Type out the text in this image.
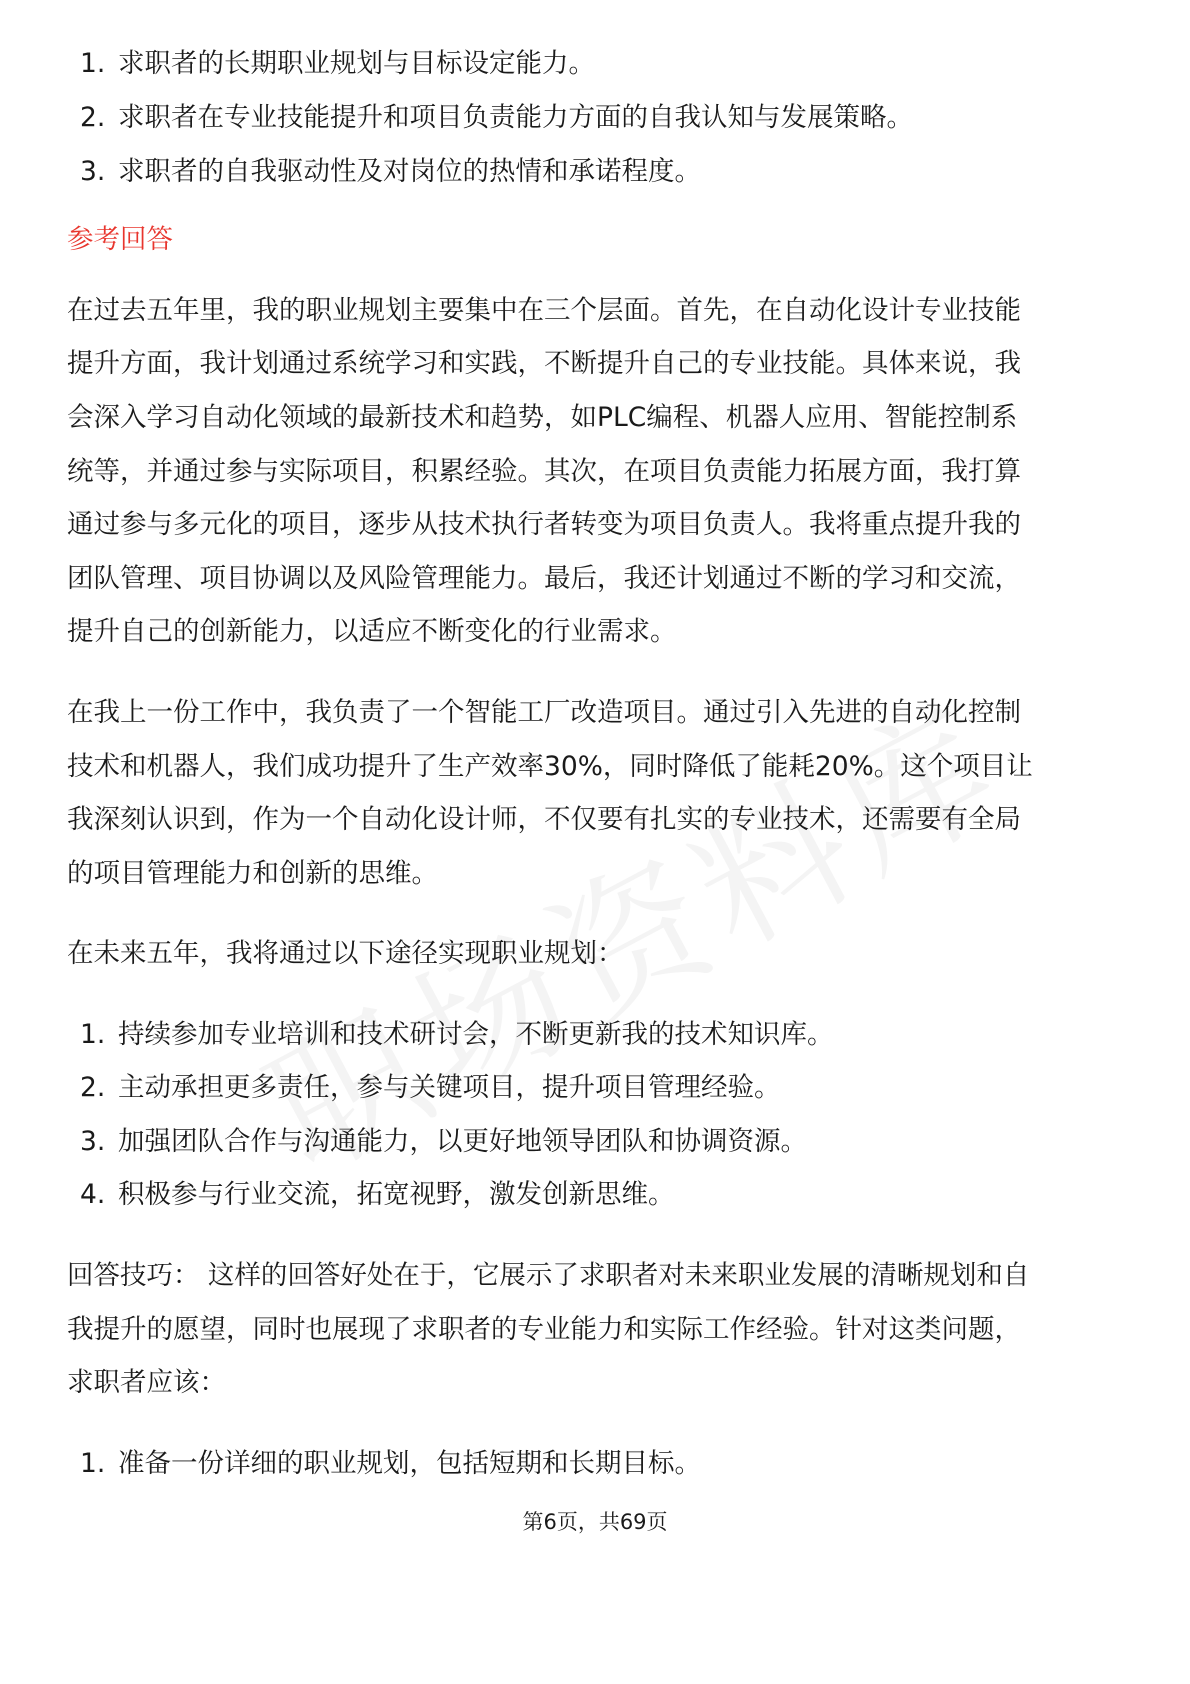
1. 求职者的长期职业规划与目标设定能力。
2. 求职者在专业技能提升和项目负责能力方面的自我认知与发展策略。
3. 求职者的自我驱动性及对岗位的热情和承诺程度。
参考回答
在过去五年里，我的职业规划主要集中在三个层面。首先，在自动化设计专业技能
提升方面，我计划通过系统学习和实践，不断提升自己的专业技能。具体来说，我
会深入学习自动化领域的最新技术和趋势，如PLC编程、机器人应用、智能控制系
统等，并通过参与实际项目，积累经验。其次，在项目负责能力拓展方面，我打算
通过参与多元化的项目，逐步从技术执行者转变为项目负责人。我将重点提升我的
团队管理、项目协调以及风险管理能力。最后，我还计划通过不断的学习和交流，
提升自己的创新能力，以适应不断变化的行业需求。
在我上一份工作中，我负责了一个智能工厂改造项目。通过引入先进的自动化控制
技术和机器人，我们成功提升了生产效率30%，同时降低了能耗20%。这个项目让
我深刻认识到，作为一个自动化设计师，不仅要有扎实的专业技术，还需要有全局
的项目管理能力和创新的思维。
在未来五年，我将通过以下途径实现职业规划：
1. 持续参加专业培训和技术研讨会，不断更新我的技术知识库。
2. 主动承担更多责任，参与关键项目，提升项目管理经验。
3. 加强团队合作与沟通能力，以更好地领导团队和协调资源。
4. 积极参与行业交流，拓宽视野，激发创新思维。
回答技巧： 这样的回答好处在于，它展示了求职者对未来职业发展的清晰规划和自
我提升的愿望，同时也展现了求职者的专业能力和实际工作经验。针对这类问题，
求职者应该：
1. 准备一份详细的职业规划，包括短期和长期目标。
第6页，共69页
